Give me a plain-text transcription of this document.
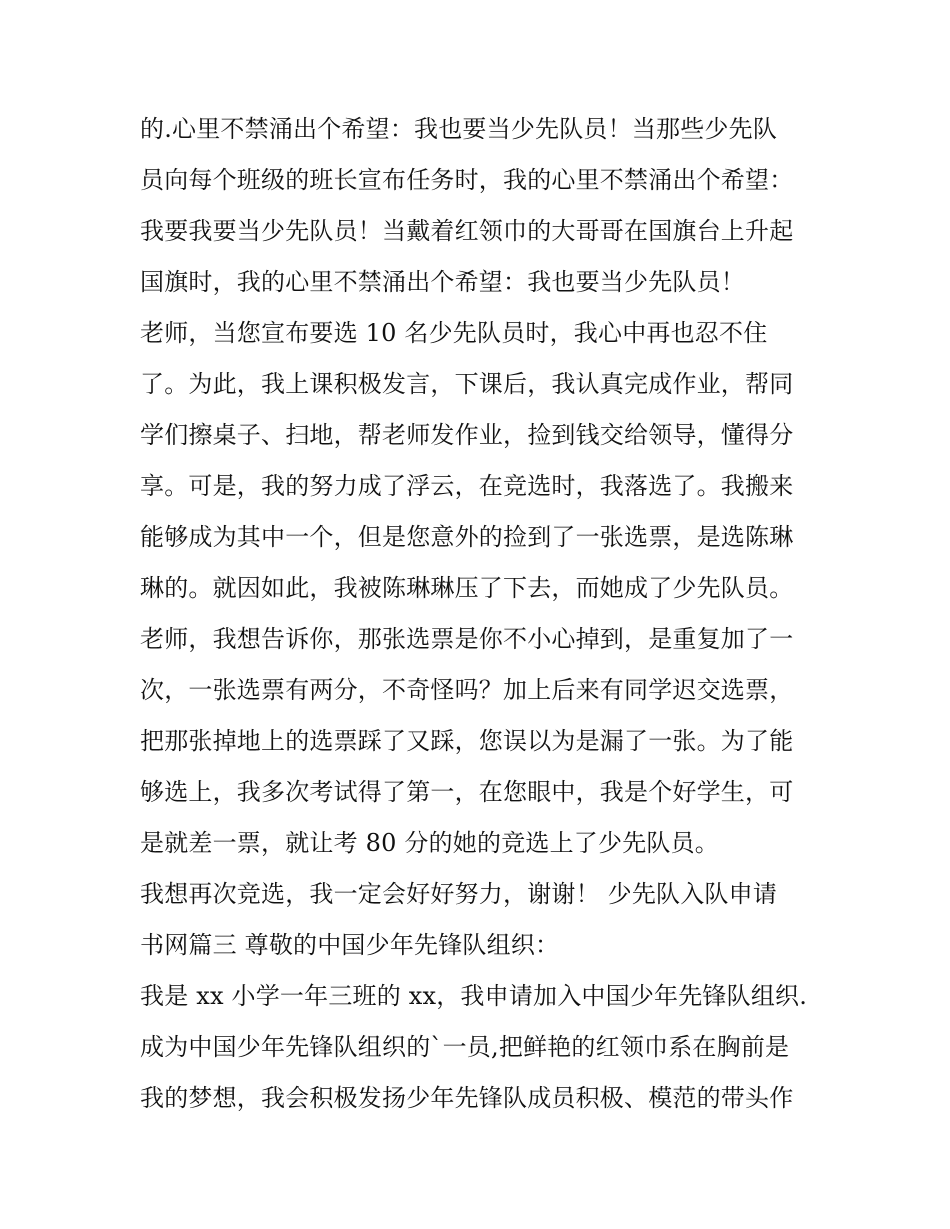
的.心里不禁涌出个希望：我也要当少先队员！当那些少先队
员向每个班级的班长宣布任务时，我的心里不禁涌出个希望：
我要我要当少先队员！当戴着红领巾的大哥哥在国旗台上升起
国旗时，我的心里不禁涌出个希望：我也要当少先队员！
老师，当您宣布要选 10 名少先队员时，我心中再也忍不住
了。为此，我上课积极发言，下课后，我认真完成作业，帮同
学们擦桌子、扫地，帮老师发作业，捡到钱交给领导，懂得分
享。可是，我的努力成了浮云，在竞选时，我落选了。我搬来
能够成为其中一个，但是您意外的捡到了一张选票，是选陈琳
琳的。就因如此，我被陈琳琳压了下去，而她成了少先队员。
老师，我想告诉你，那张选票是你不小心掉到，是重复加了一
次，一张选票有两分，不奇怪吗？加上后来有同学迟交选票，
把那张掉地上的选票踩了又踩，您误以为是漏了一张。为了能
够选上，我多次考试得了第一，在您眼中，我是个好学生，可
是就差一票，就让考 80 分的她的竞选上了少先队员。
我想再次竞选，我一定会好好努力，谢谢！ 少先队入队申请
书网篇三 尊敬的中国少年先锋队组织：
我是 xx 小学一年三班的 xx，我申请加入中国少年先锋队组织.
成为中国少年先锋队组织的`一员,把鲜艳的红领巾系在胸前是
我的梦想，我会积极发扬少年先锋队成员积极、模范的带头作
